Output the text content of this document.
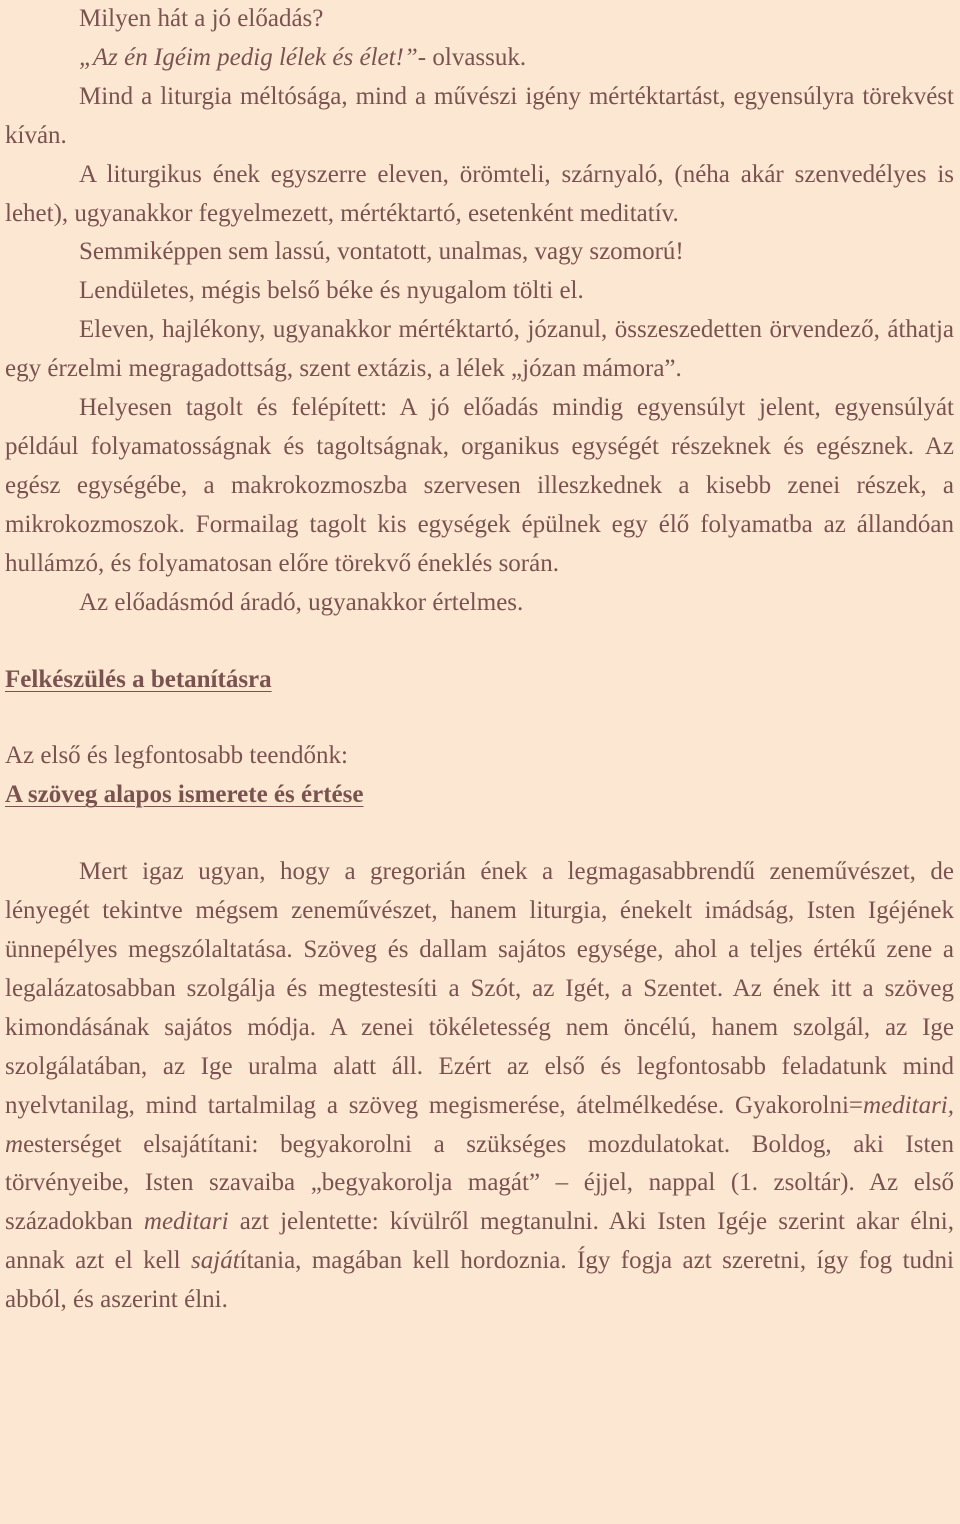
Milyen hát a jó előadás?

„Az én Igéim pedig lélek és élet!”- olvassuk.

Mind a liturgia méltósága, mind a művészi igény mértéktartást, egyensúlyra törekvést kíván.

A liturgikus ének egyszerre eleven, örömteli, szárnyaló, (néha akár szenvedélyes is lehet), ugyanakkor fegyelmezett, mértéktartó, esetenként meditatív.

Semmiképpen sem lassú, vontatott, unalmas, vagy szomorú!

Lendületes, mégis belső béke és nyugalom tölti el.

Eleven, hajlékony, ugyanakkor mértéktartó, józanul, összeszedetten örvendező, áthatja egy érzelmi megragadottság, szent extázis, a lélek „józan mámora”.

Helyesen tagolt és felépített: A jó előadás mindig egyensúlyt jelent, egyensúlyát például folyamatosságnak és tagoltságnak, organikus egységét részeknek és egésznek. Az egész egységébe, a makrokozmoszba szervesen illeszkednek a kisebb zenei részek, a mikrokozmoszok. Formailag tagolt kis egységek épülnek egy élő folyamatba az állandóan hullámzó, és folyamatosan előre törekvő éneklés során.

Az előadásmód áradó, ugyanakkor értelmes.

Felkészülés a betanításra

Az első és legfontosabb teendőnk:

A szöveg alapos ismerete és értése

Mert igaz ugyan, hogy a gregorián ének a legmagasabbrendű zeneművészet, de lényegét tekintve mégsem zeneművészet, hanem liturgia, énekelt imádság, Isten Igéjének ünnepélyes megszólaltatása. Szöveg és dallam sajátos egysége, ahol a teljes értékű zene a legalázatosabban szolgálja és megtestesíti a Szót, az Igét, a Szentet. Az ének itt a szöveg kimondásának sajátos módja. A zenei tökéletesség nem öncélú, hanem szolgál, az Ige szolgálatában, az Ige uralma alatt áll. Ezért az első és legfontosabb feladatunk mind nyelvtanilag, mind tartalmilag a szöveg megismerése, átelmélkedése. Gyakorolni=meditari, mesterséget elsajátítani: begyakorolni a szükséges mozdulatokat. Boldog, aki Isten törvényeibe, Isten szavaiba „begyakorolja magát” – éjjel, nappal (1. zsoltár). Az első századokban meditari azt jelentette: kívülről megtanulni. Aki Isten Igéje szerint akar élni, annak azt el kell sajátítania, magában kell hordoznia. Így fogja azt szeretni, így fog tudni abból, és aszerint élni.
